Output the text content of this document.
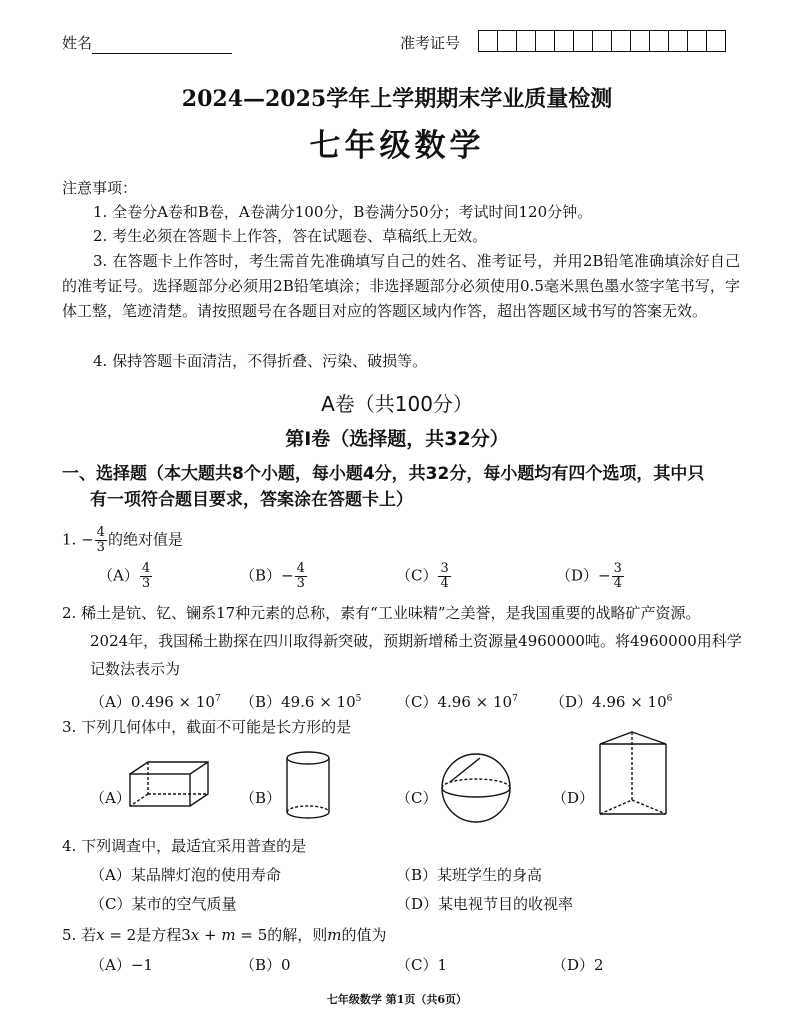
姓名	准考证号
2024—2025学年上学期期末学业质量检测
七年级数学
注意事项：
1. 全卷分A卷和B卷，A卷满分100分，B卷满分50分；考试时间120分钟。
2. 考生必须在答题卡上作答，答在试题卷、草稿纸上无效。
3. 在答题卡上作答时，考生需首先准确填写自己的姓名、准考证号，并用2B铅笔准确填涂好自己的准考证号。选择题部分必须用2B铅笔填涂；非选择题部分必须使用0.5毫米黑色墨水签字笔书写，字体工整，笔迹清楚。请按照题号在各题目对应的答题区域内作答，超出答题区域书写的答案无效。
4. 保持答题卡面清洁，不得折叠、污染、破损等。
A卷（共100分）
第Ⅰ卷（选择题，共32分）
一、选择题（本大题共8个小题，每小题4分，共32分，每小题均有四个选项，其中只
有一项符合题目要求，答案涂在答题卡上）
1. − $\frac{4}{3}$ 的绝对值是
$(A) \frac{4}{3}$	$(B)- \frac{4}{3}$	$(C) \frac{3}{4}$	$(D)- \frac{3}{4}$
2. 稀土是钪、钇、镧系17种元素的总称，素有“工业味精”之美誉，是我国重要的战略矿产资源。
2024年，我国稀土勘探在四川取得新突破，预期新增稀土资源量4960000吨。将4960000用科学
记数法表示为
$(A)0.496 \times 10^7$ $(B)49.6 \times 10^5$ $(C)4.96 \times 10^7$ $(D)4.96 \times 10^6$
3. 下列几何体中，截面不可能是长方形的是
（A）	（B）	（C）	（D）
4. 下列调查中，最适宜采用普查的是
（A）某品牌灯泡的使用寿命	（B）某班学生的身高
（C）某市的空气质量	（D）某电视节目的收视率
5. 若x = 2是方程3x + m = 5的解，则m的值为
（A）−1	（B）0	（C）1	（D）2
七年级数学 第1页（共6页）
